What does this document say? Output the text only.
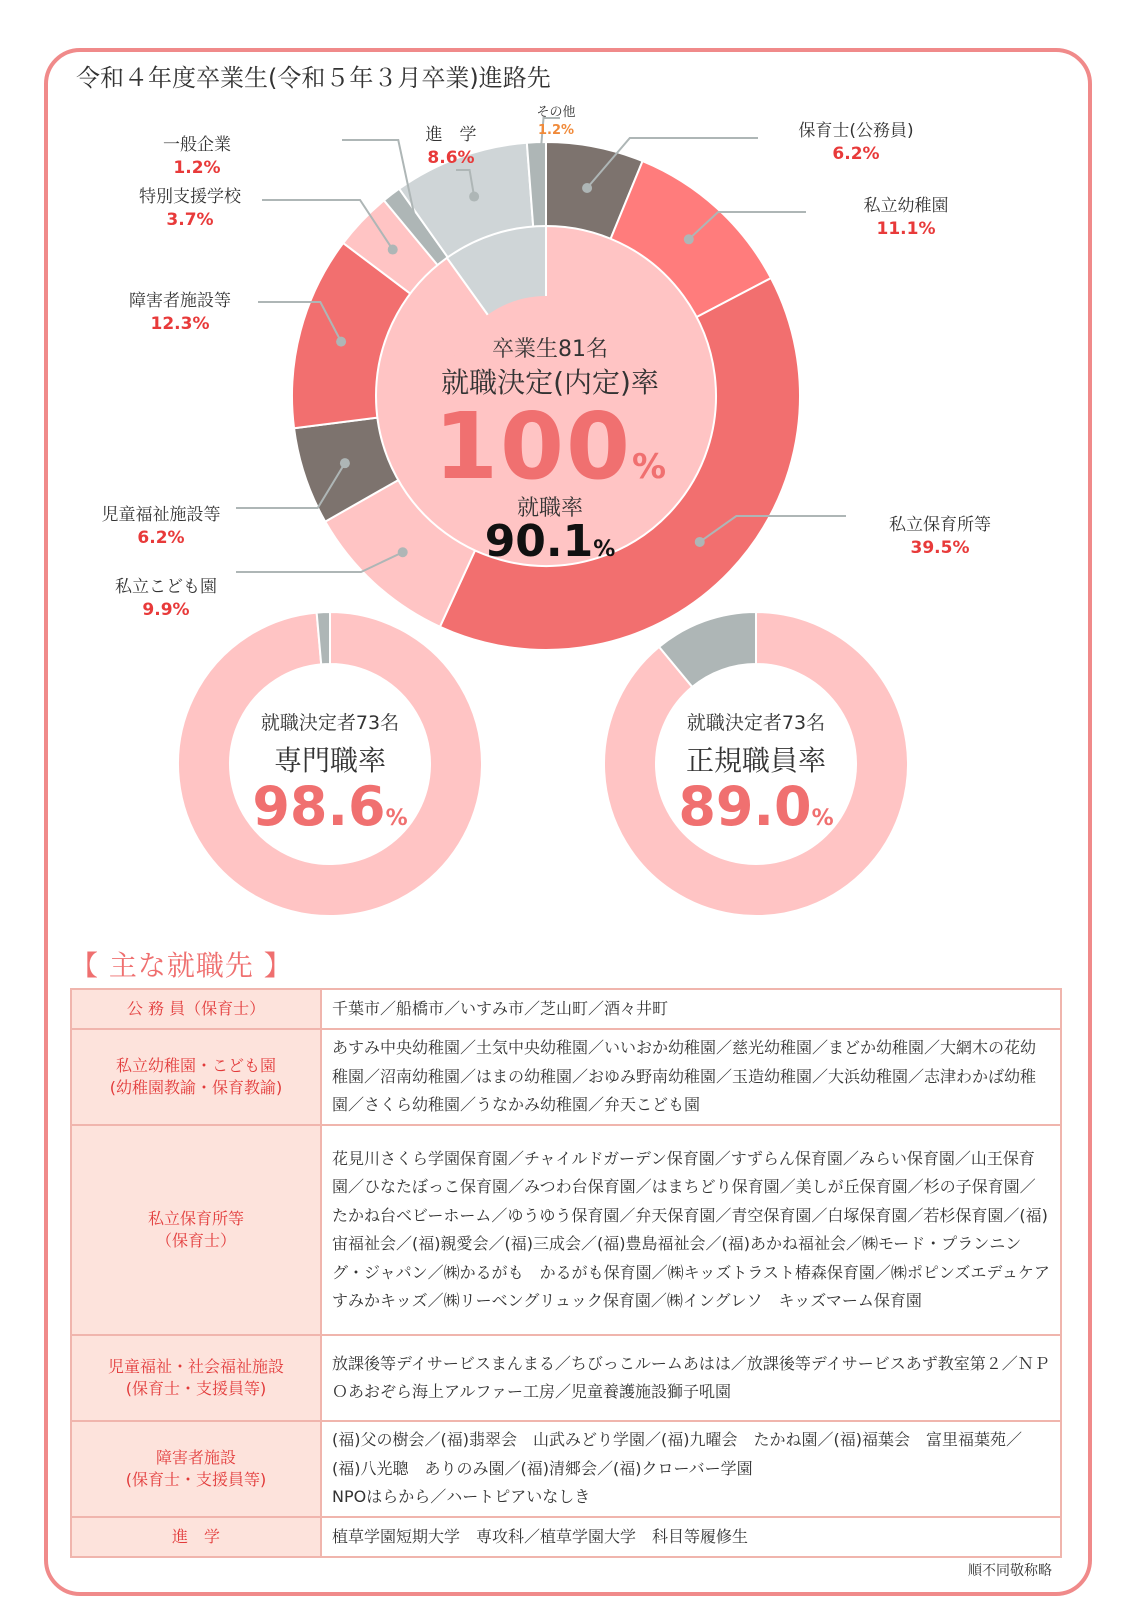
令和４年度卒業生(令和５年３月卒業)進路先
保育士(公務員)
6.2%
私立幼稚園
11.1%
私立保育所等
39.5%
私立こども園
9.9%
児童福祉施設等
6.2%
障害者施設等
12.3%
特別支援学校
3.7%
一般企業
1.2%
進　学
8.6%
その他
1.2%
卒業生81名
就職決定(内定)率
100%
就職率
90.1%
就職決定者73名
専門職率
98.6%
就職決定者73名
正規職員率
89.0%
【 主な就職先 】
公 務 員（保育士）	千葉市／船橋市／いすみ市／芝山町／酒々井町
私立幼稚園・こども園
(幼稚園教諭・保育教諭)	あすみ中央幼稚園／土気中央幼稚園／いいおか幼稚園／慈光幼稚園／まどか幼稚園／大網木の花幼稚園／沼南幼稚園／はまの幼稚園／おゆみ野南幼稚園／玉造幼稚園／大浜幼稚園／志津わかば幼稚園／さくら幼稚園／うなかみ幼稚園／弁天こども園
私立保育所等
（保育士）	花見川さくら学園保育園／チャイルドガーデン保育園／すずらん保育園／みらい保育園／山王保育園／ひなたぼっこ保育園／みつわ台保育園／はまちどり保育園／美しが丘保育園／杉の子保育園／たかね台ベビーホーム／ゆうゆう保育園／弁天保育園／青空保育園／白塚保育園／若杉保育園／(福)宙福祉会／(福)親愛会／(福)三成会／(福)豊島福祉会／(福)あかね福祉会／㈱モード・プランニング・ジャパン／㈱かるがも　かるがも保育園／㈱キッズトラスト椿森保育園／㈱ポピンズエデュケアすみかキッズ／㈱リーベングリュック保育園／㈱イングレソ　キッズマーム保育園
児童福祉・社会福祉施設
(保育士・支援員等)	放課後等デイサービスまんまる／ちびっこルームあはは／放課後等デイサービスあず教室第２／ＮＰＯあおぞら海上アルファー工房／児童養護施設獅子吼園
障害者施設
(保育士・支援員等)	(福)父の樹会／(福)翡翠会　山武みどり学園／(福)九曜会　たかね園／(福)福葉会　富里福葉苑／(福)八光聰　ありのみ園／(福)清郷会／(福)クローバー学園
NPOはらから／ハートピアいなしき
進　学	植草学園短期大学　専攻科／植草学園大学　科目等履修生
順不同敬称略
